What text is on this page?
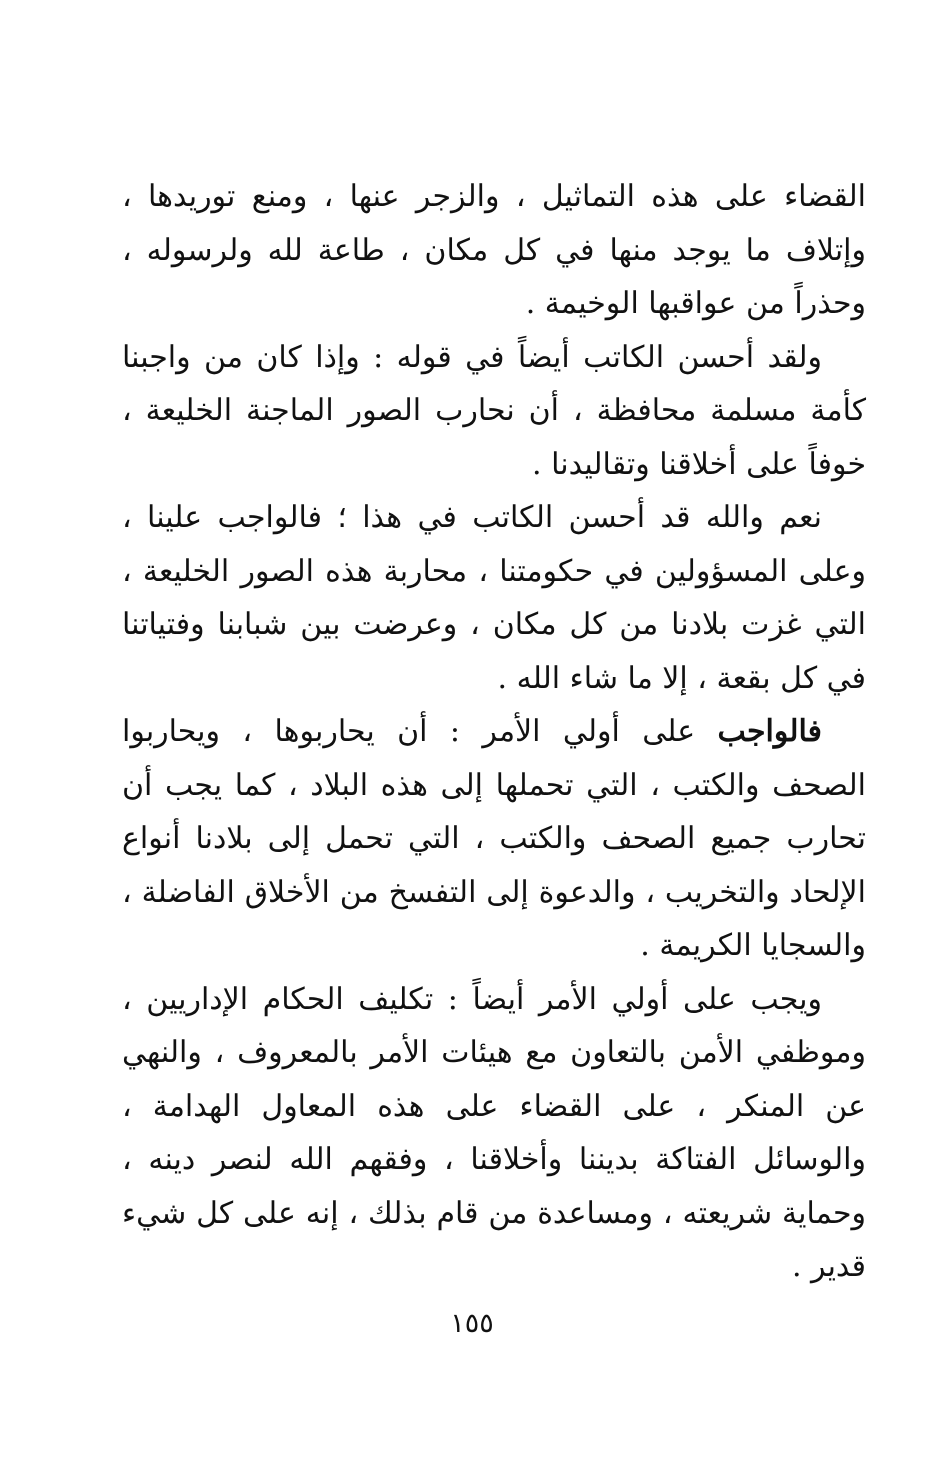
القضاء على هذه التماثيل ، والزجر عنها ، ومنع توريدها ، وإتلاف ما يوجد منها في كل مكان ، طاعة لله ولرسوله ، وحذراً من عواقبها الوخيمة .

ولقد أحسن الكاتب أيضاً في قوله : وإذا كان من واجبنا كأمة مسلمة محافظة ، أن نحارب الصور الماجنة الخليعة ، خوفاً على أخلاقنا وتقاليدنا .

نعم والله قد أحسن الكاتب في هذا ؛ فالواجب علينا ، وعلى المسؤولين في حكومتنا ، محاربة هذه الصور الخليعة ، التي غزت بلادنا من كل مكان ، وعرضت بين شبابنا وفتياتنا في كل بقعة ، إلا ما شاء الله .

فالواجب على أولي الأمر : أن يحاربوها ، ويحاربوا الصحف والكتب ، التي تحملها إلى هذه البلاد ، كما يجب أن تحارب جميع الصحف والكتب ، التي تحمل إلى بلادنا أنواع الإلحاد والتخريب ، والدعوة إلى التفسخ من الأخلاق الفاضلة ، والسجايا الكريمة .

ويجب على أولي الأمر أيضاً : تكليف الحكام الإداريين ، وموظفي الأمن بالتعاون مع هيئات الأمر بالمعروف ، والنهي عن المنكر ، على القضاء على هذه المعاول الهدامة ، والوسائل الفتاكة بديننا وأخلاقنا ، وفقهم الله لنصر دينه ، وحماية شريعته ، ومساعدة من قام بذلك ، إنه على كل شيء قدير .

١٥٥
